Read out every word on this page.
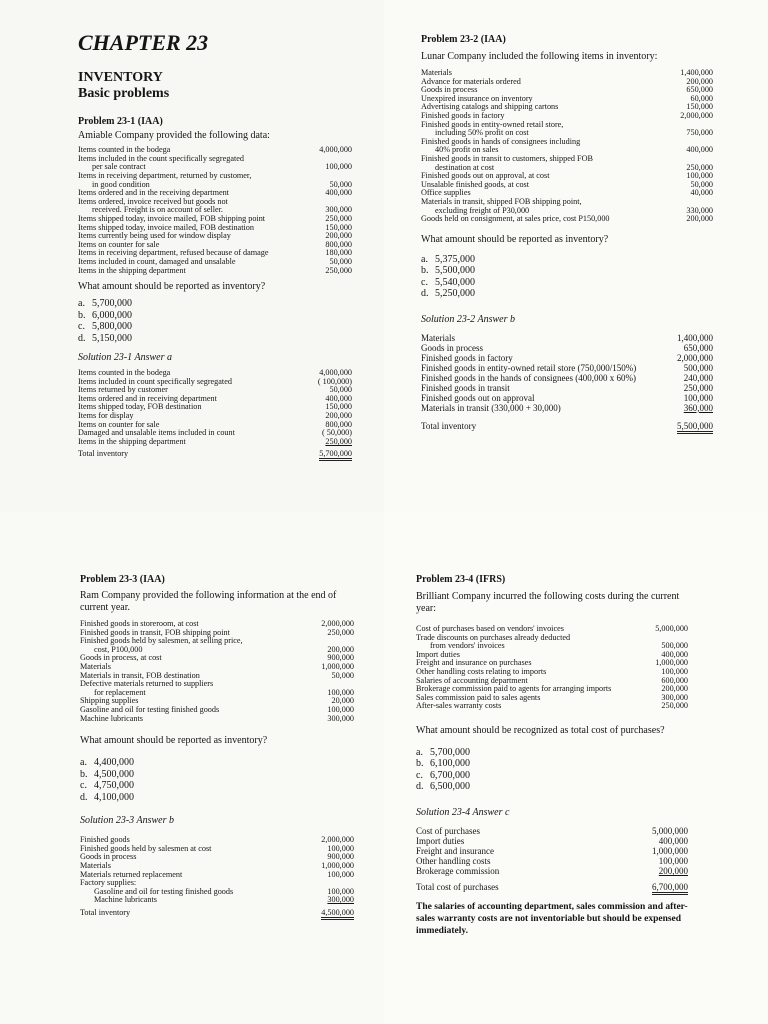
CHAPTER 23
INVENTORY
Basic problems

Problem 23-1 (IAA)

Amiable Company provided the following data:

Items counted in the bodega	4,000,000
Items included in the count specifically segregated	
per sale contract	100,000
Items in receiving department, returned by customer,	
in good condition	50,000
Items ordered and in the receiving department	400,000
Items ordered, invoice received but goods not	
received. Freight is on account of seller.	300,000
Items shipped today, invoice mailed, FOB shipping point	250,000
Items shipped today, invoice mailed, FOB destination	150,000
Items currently being used for window display	200,000
Items on counter for sale	800,000
Items in receiving department, refused because of damage	180,000
Items included in count, damaged and unsalable	50,000
Items in the shipping department	250,000

What amount should be reported as inventory?

a. 5,700,000
b. 6,000,000
c. 5,800,000
d. 5,150,000

Solution 23-1 Answer a

Items counted in the bodega	4,000,000
Items included in count specifically segregated	( 100,000)
Items returned by customer	50,000
Items ordered and in receiving department	400,000
Items shipped today, FOB destination	150,000
Items for display	200,000
Items on counter for sale	800,000
Damaged and unsalable items included in count	( 50,000)
Items in the shipping department	250,000
Total inventory	5,700,000

Problem 23-2 (IAA)

Lunar Company included the following items in inventory:

Materials	1,400,000
Advance for materials ordered	200,000
Goods in process	650,000
Unexpired insurance on inventory	60,000
Advertising catalogs and shipping cartons	150,000
Finished goods in factory	2,000,000
Finished goods in entity-owned retail store,	
including 50% profit on cost	750,000
Finished goods in hands of consignees including	
40% profit on sales	400,000
Finished goods in transit to customers, shipped FOB	
destination at cost	250,000
Finished goods out on approval, at cost	100,000
Unsalable finished goods, at cost	50,000
Office supplies	40,000
Materials in transit, shipped FOB shipping point,	
excluding freight of P30,000	330,000
Goods held on consignment, at sales price, cost P150,000	200,000

What amount should be reported as inventory?

a. 5,375,000
b. 5,500,000
c. 5,540,000
d. 5,250,000

Solution 23-2 Answer b

Materials	1,400,000
Goods in process	650,000
Finished goods in factory	2,000,000
Finished goods in entity-owned retail store (750,000/150%)	500,000
Finished goods in the hands of consignees (400,000 x 60%)	240,000
Finished goods in transit	250,000
Finished goods out on approval	100,000
Materials in transit (330,000 + 30,000)	360,000
Total inventory	5,500,000

Problem 23-3 (IAA)

Ram Company provided the following information at the end of current year.

Finished goods in storeroom, at cost	2,000,000
Finished goods in transit, FOB shipping point	250,000
Finished goods held by salesmen, at selling price,	
cost, P100,000	200,000
Goods in process, at cost	900,000
Materials	1,000,000
Materials in transit, FOB destination	50,000
Defective materials returned to suppliers	
for replacement	100,000
Shipping supplies	20,000
Gasoline and oil for testing finished goods	100,000
Machine lubricants	300,000

What amount should be reported as inventory?

a. 4,400,000
b. 4,500,000
c. 4,750,000
d. 4,100,000

Solution 23-3 Answer b

Finished goods	2,000,000
Finished goods held by salesmen at cost	100,000
Goods in process	900,000
Materials	1,000,000
Materials returned replacement	100,000
Factory supplies:	
Gasoline and oil for testing finished goods	100,000
Machine lubricants	300,000
Total inventory	4,500,000

Problem 23-4 (IFRS)

Brilliant Company incurred the following costs during the current year:

Cost of purchases based on vendors' invoices	5,000,000
Trade discounts on purchases already deducted	
from vendors' invoices	500,000
Import duties	400,000
Freight and insurance on purchases	1,000,000
Other handling costs relating to imports	100,000
Salaries of accounting department	600,000
Brokerage commission paid to agents for arranging imports	200,000
Sales commission paid to sales agents	300,000
After-sales warranty costs	250,000

What amount should be recognized as total cost of purchases?

a. 5,700,000
b. 6,100,000
c. 6,700,000
d. 6,500,000

Solution 23-4 Answer c

Cost of purchases	5,000,000
Import duties	400,000
Freight and insurance	1,000,000
Other handling costs	100,000
Brokerage commission	200,000
Total cost of purchases	6,700,000

The salaries of accounting department, sales commission and after-sales warranty costs are not inventoriable but should be expensed immediately.
